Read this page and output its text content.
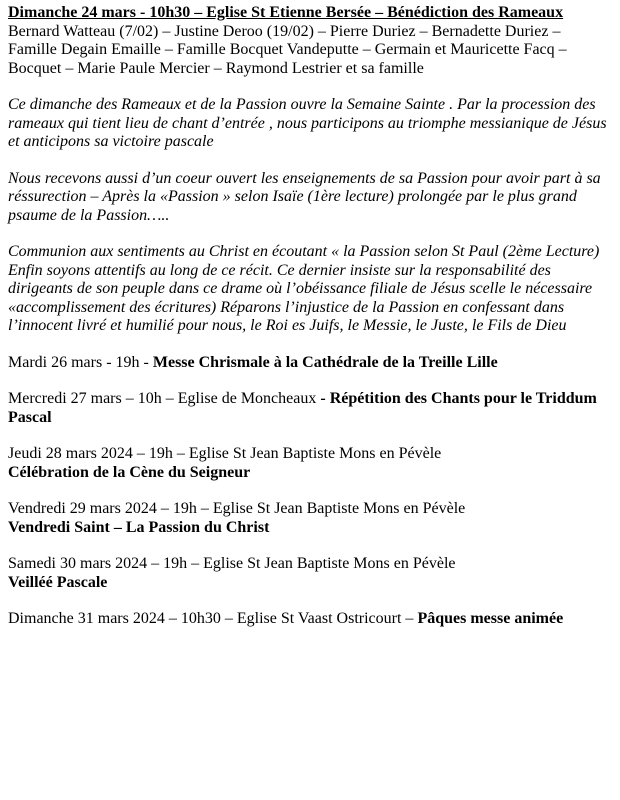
Dimanche 24 mars - 10h30 – Eglise St Etienne Bersée – Bénédiction des Rameaux

Bernard Watteau (7/02) – Justine Deroo (19/02) – Pierre Duriez – Bernadette Duriez – Famille Degain Emaille – Famille Bocquet Vandeputte – Germain et Mauricette Facq – Bocquet – Marie Paule Mercier – Raymond Lestrier et sa famille

Ce dimanche des Rameaux et de la Passion ouvre la Semaine Sainte . Par la procession des rameaux qui tient lieu de chant d’entrée , nous participons au triomphe messianique de Jésus et anticipons sa victoire pascale

Nous recevons aussi d’un coeur ouvert les enseignements de sa Passion pour avoir part à sa réssurection – Après la «Passion » selon Isaïe (1ère lecture) prolongée par le plus grand psaume de la Passion…..

Communion aux sentiments au Christ en écoutant « la Passion selon St Paul (2ème Lecture)

Enfin soyons attentifs au long de ce récit. Ce dernier insiste sur la responsabilité des dirigeants de son peuple dans ce drame où l’obéissance filiale de Jésus scelle le nécessaire «accomplissement des écritures) Réparons l’injustice de la Passion en confessant dans l’innocent livré et humilié pour nous, le Roi es Juifs, le Messie, le Juste, le Fils de Dieu

Mardi 26 mars - 19h - Messe Chrismale à la Cathédrale de la Treille Lille

Mercredi 27 mars – 10h – Eglise de Moncheaux - Répétition des Chants pour le Triddum Pascal

Jeudi 28 mars 2024 – 19h – Eglise St Jean Baptiste Mons en Pévèle

Célébration de la Cène du Seigneur

Vendredi 29 mars 2024 – 19h – Eglise St Jean Baptiste Mons en Pévèle

Vendredi Saint – La Passion du Christ

Samedi 30 mars 2024 – 19h – Eglise St Jean Baptiste Mons en Pévèle

Veilléé Pascale

Dimanche 31 mars 2024 – 10h30 – Eglise St Vaast Ostricourt – Pâques messe animée
